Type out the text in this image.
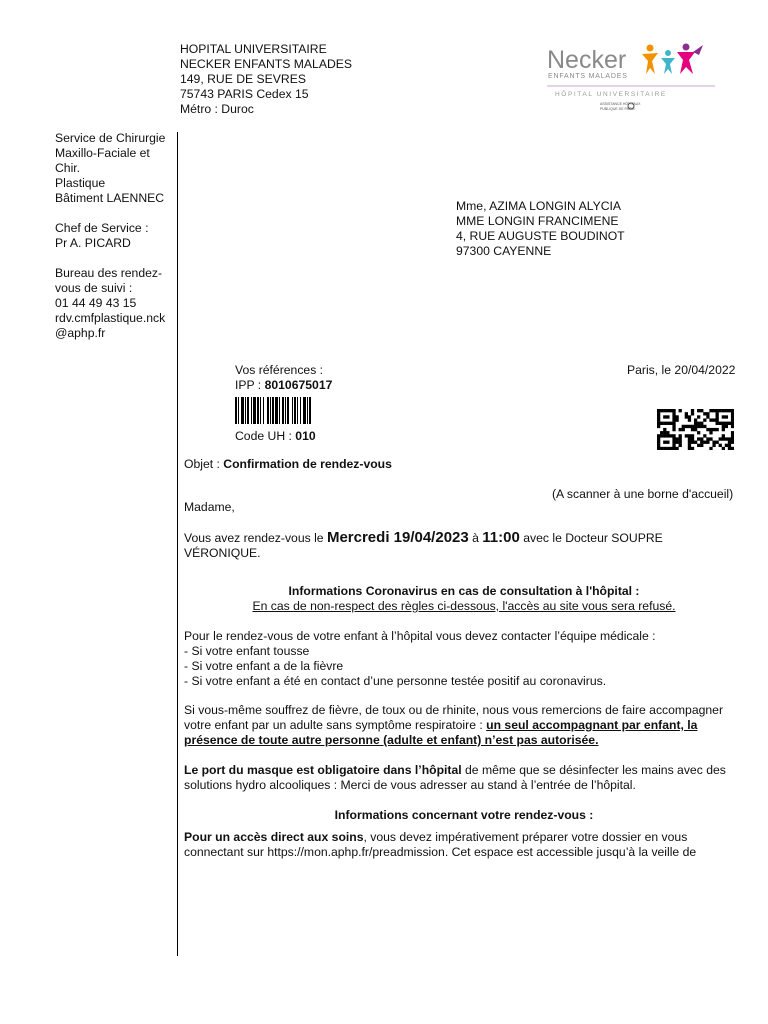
HOPITAL UNIVERSITAIRE
NECKER ENFANTS MALADES
149, RUE DE SEVRES
75743 PARIS Cedex 15
Métro : Duroc
Necker
ENFANTS MALADES
HÔPITAL UNIVERSITAIRE
ASSISTANCE HÔPITAUX
PUBLIQUE DE PARIS
Service de Chirurgie
Maxillo-Faciale et
Chir.
Plastique
Bâtiment LAENNEC
Chef de Service :
Pr A. PICARD
Bureau des rendez-
vous de suivi :
01 44 49 43 15
rdv.cmfplastique.nck
@aphp.fr
Mme, AZIMA LONGIN ALYCIA
MME LONGIN FRANCIMENE
4, RUE AUGUSTE BOUDINOT
97300 CAYENNE
Vos références :
IPP : 8010675017
Paris, le 20/04/2022
Code UH : 010
Objet : Confirmation de rendez-vous
(A scanner à une borne d'accueil)
Madame,
Vous avez rendez-vous le Mercredi 19/04/2023 à 11:00 avec le Docteur SOUPRE VÉRONIQUE.
Informations Coronavirus en cas de consultation à l'hôpital :
En cas de non-respect des règles ci-dessous, l'accès au site vous sera refusé.
Pour le rendez-vous de votre enfant à l’hôpital vous devez contacter l’équipe médicale :
- Si votre enfant tousse
- Si votre enfant a de la fièvre
- Si votre enfant a été en contact d’une personne testée positif au coronavirus.
Si vous-même souffrez de fièvre, de toux ou de rhinite, nous vous remercions de faire accompagner votre enfant par un adulte sans symptôme respiratoire : un seul accompagnant par enfant, la présence de toute autre personne (adulte et enfant) n’est pas autorisée.
Le port du masque est obligatoire dans l’hôpital de même que se désinfecter les mains avec des solutions hydro alcooliques : Merci de vous adresser au stand à l’entrée de l’hôpital.
Informations concernant votre rendez-vous :
Pour un accès direct aux soins, vous devez impérativement préparer votre dossier en vous connectant sur https://mon.aphp.fr/preadmission. Cet espace est accessible jusqu’à la veille de
